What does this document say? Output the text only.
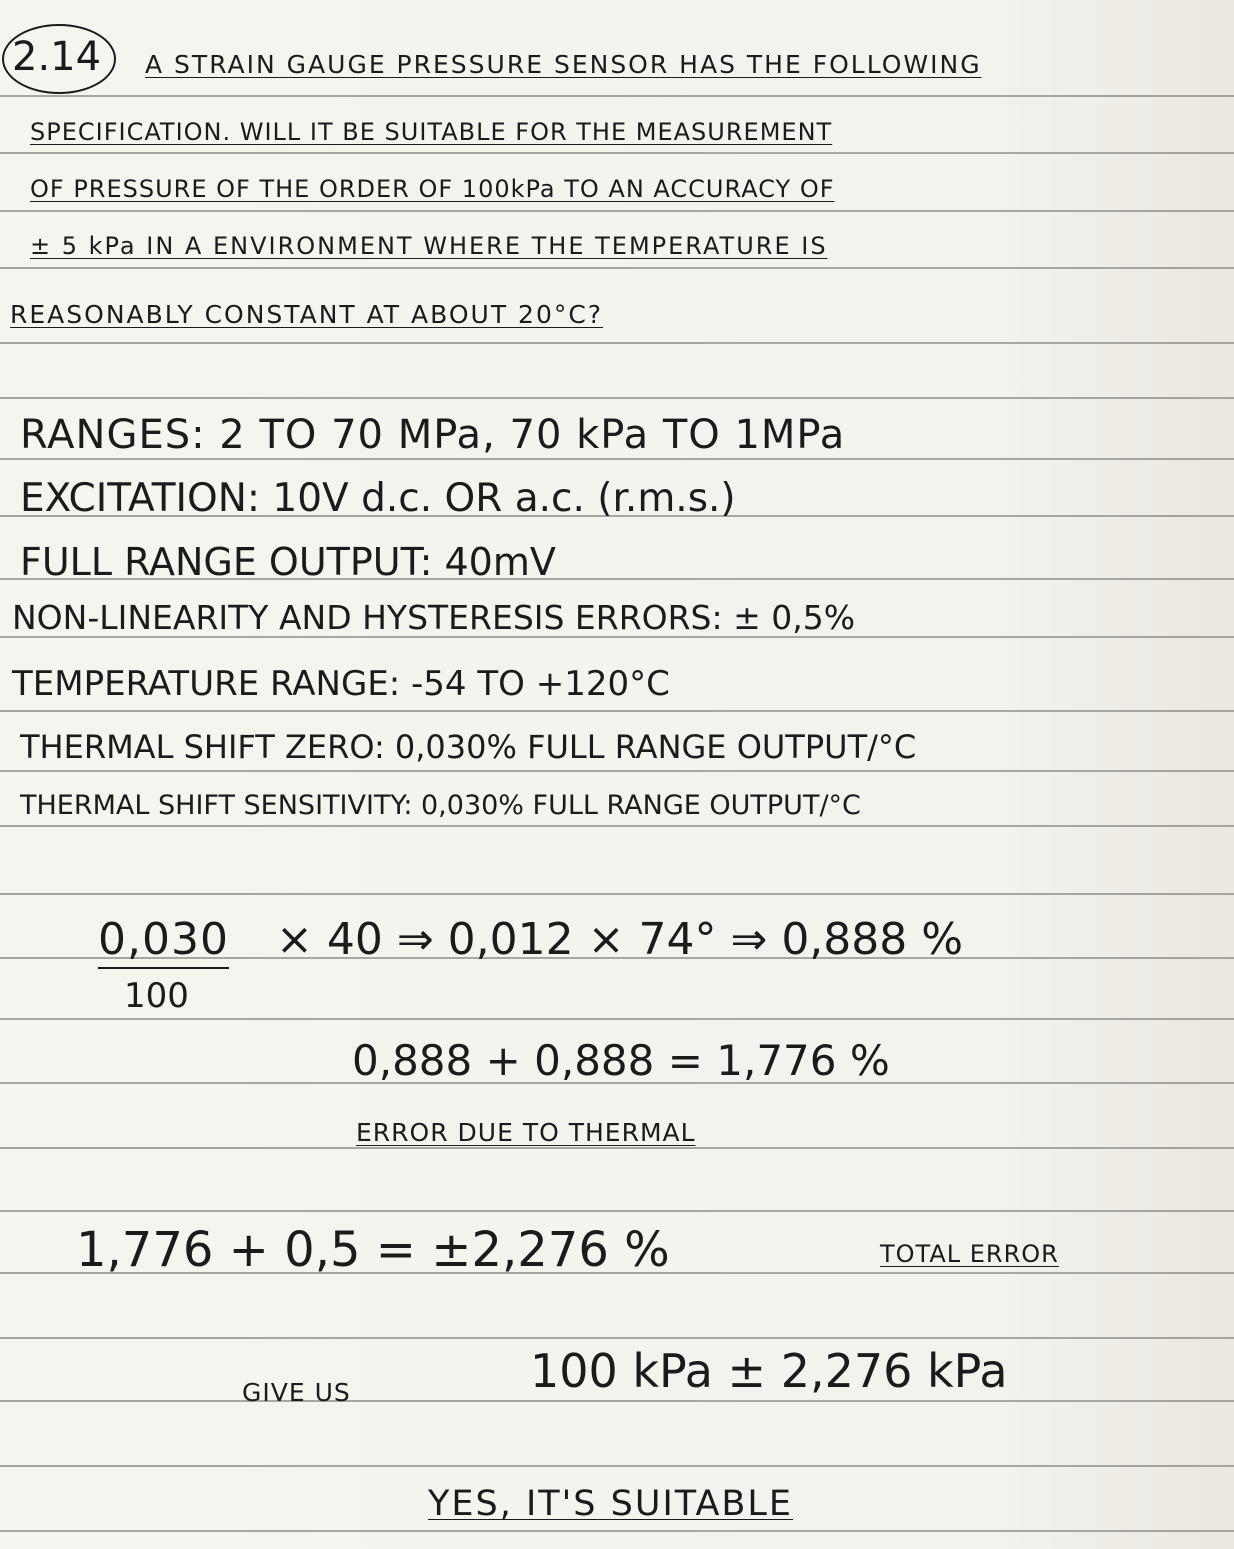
2.14 A STRAIN GAUGE PRESSURE SENSOR HAS THE FOLLOWING
SPECIFICATION. WILL IT BE SUITABLE FOR THE MEASUREMENT
OF PRESSURE OF THE ORDER OF 100kPa TO AN ACCURACY OF
± 5 kPa IN A ENVIRONMENT WHERE THE TEMPERATURE IS
REASONABLY CONSTANT AT ABOUT 20°C?
RANGES: 2 TO 70 MPa, 70 kPa TO 1MPa
EXCITATION: 10V d.c. OR a.c. (r.m.s.)
FULL RANGE OUTPUT: 40mV
NON-LINEARITY AND HYSTERESIS ERRORS: ± 0,5%
TEMPERATURE RANGE: -54 TO +120°C
THERMAL SHIFT ZERO: 0,030% FULL RANGE OUTPUT/°C
THERMAL SHIFT SENSITIVITY: 0,030% FULL RANGE OUTPUT/°C
0,030
100
× 40 ⇒ 0,012 × 74° ⇒ 0,888 %
0,888 + 0,888 = 1,776 %
ERROR DUE TO THERMAL
1,776 + 0,5 = ±2,276 %	TOTAL ERROR
GIVE US	100 kPa ± 2,276 kPa
YES, IT'S SUITABLE
